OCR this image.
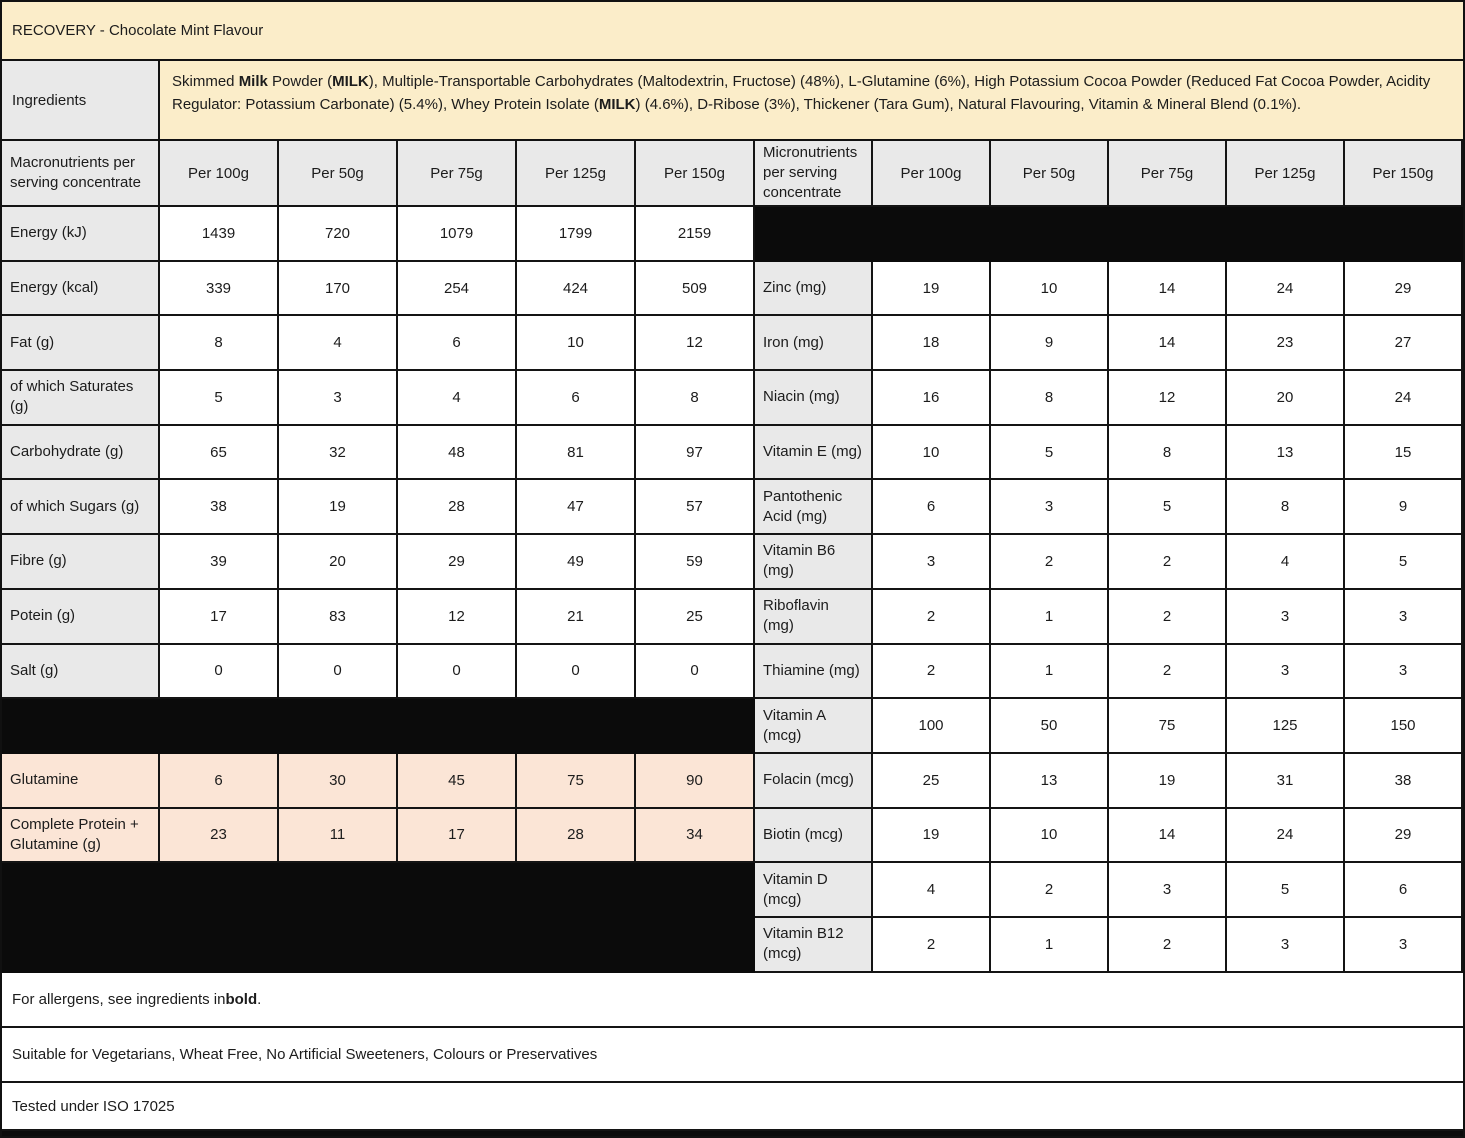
RECOVERY - Chocolate Mint Flavour
Ingredients
Skimmed Milk Powder (MILK), Multiple-Transportable Carbohydrates (Maltodextrin, Fructose) (48%), L-Glutamine (6%), High Potassium Cocoa Powder (Reduced Fat Cocoa Powder, Acidity Regulator: Potassium Carbonate) (5.4%), Whey Protein Isolate (MILK) (4.6%), D-Ribose (3%), Thickener (Tara Gum), Natural Flavouring, Vitamin & Mineral Blend (0.1%).
Macronutrients per serving concentrate
Per 100g	Per 50g	Per 75g	Per 125g	Per 150g
Energy (kJ)	1439	720	1079	1799	2159
Energy (kcal)	339	170	254	424	509
Fat (g)	8	4	6	10	12
of which Saturates (g)
5	3	4	6	8
Carbohydrate (g)	65	32	48	81	97
of which Sugars (g)	38	19	28	47	57
Fibre (g)	39	20	29	49	59
Potein (g)	17	83	12	21	25
Salt (g)	0	0	0	0	0
Glutamine	6	30	45	75	90
Complete Protein + Glutamine (g)
23	11	17	28	34
Micronutrients per serving concentrate
Per 100g	Per 50g	Per 75g	Per 125g	Per 150g
Zinc (mg)	19	10	14	24	29
Iron (mg)	18	9	14	23	27
Niacin (mg)	16	8	12	20	24
Vitamin E (mg)	10	5	8	13	15
Pantothenic Acid (mg)
6	3	5	8	9
Vitamin B6 (mg)
3	2	2	4	5
Riboflavin (mg)
2	1	2	3	3
Thiamine (mg)	2	1	2	3	3
Vitamin A (mcg)
100	50	75	125	150
Folacin (mcg)	25	13	19	31	38
Biotin (mcg)	19	10	14	24	29
Vitamin D (mcg)
4	2	3	5	6
Vitamin B12 (mcg)
2	1	2	3	3
For allergens, see ingredients in bold .
Suitable for Vegetarians, Wheat Free, No Artificial Sweeteners, Colours or Preservatives
Tested under ISO 17025
